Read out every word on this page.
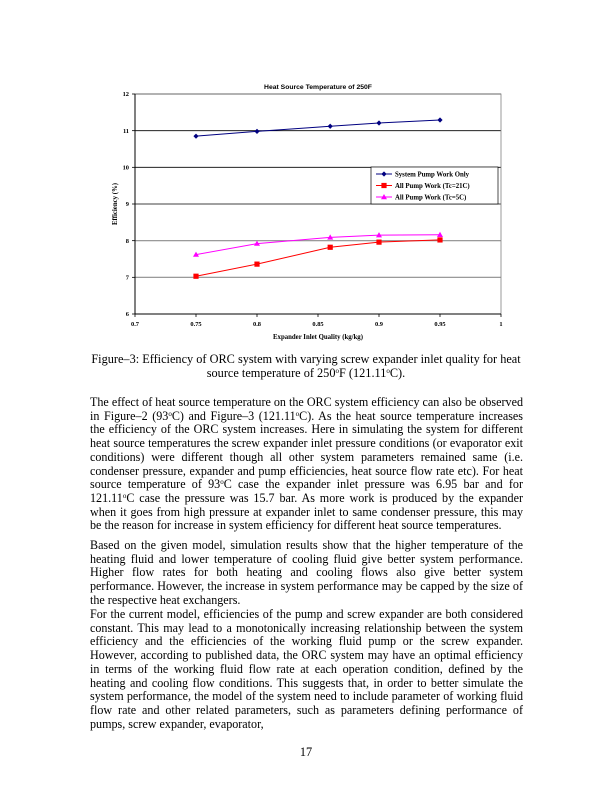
Heat Source Temperature of 250F
6
7
8
9
10
11
12
0.7	0.75	0.8	0.85	0.9	0.95	1
Expander Inlet Quality (kg/kg)
Efficiency (%)
System Pump Work Only
All Pump Work (Tc=21C)
All Pump Work (Tc=5C)
Figure–3: Efficiency of ORC system with varying screw expander inlet quality for heat
source temperature of 250$^o$F (121.11$^o$C).
The effect of heat source temperature on the ORC system efficiency can also be observed in Figure–2 (93$^o$C) and Figure–3 (121.11$^o$C). As the heat source temperature increases the efficiency of the ORC system increases. Here in simulating the system for different heat source temperatures the screw expander inlet pressure conditions (or evaporator exit conditions) were different though all other system parameters remained same (i.e. condenser pressure, expander and pump efficiencies, heat source flow rate etc). For heat source temperature of 93$^o$C case the expander inlet pressure was 6.95 bar and for 121.11$^o$C case the pressure was 15.7 bar. As more work is produced by the expander when it goes from high pressure at expander inlet to same condenser pressure, this may be the reason for increase in system efficiency for different heat source temperatures.
Based on the given model, simulation results show that the higher temperature of the heating fluid and lower temperature of cooling fluid give better system performance. Higher flow rates for both heating and cooling flows also give better system performance. However, the increase in system performance may be capped by the size of the respective heat exchangers.
For the current model, efficiencies of the pump and screw expander are both considered constant. This may lead to a monotonically increasing relationship between the system efficiency and the efficiencies of the working fluid pump or the screw expander. However, according to published data, the ORC system may have an optimal efficiency in terms of the working fluid flow rate at each operation condition, defined by the heating and cooling flow conditions. This suggests that, in order to better simulate the system performance, the model of the system need to include parameter of working fluid flow rate and other related parameters, such as parameters defining performance of pumps, screw expander, evaporator,
17
